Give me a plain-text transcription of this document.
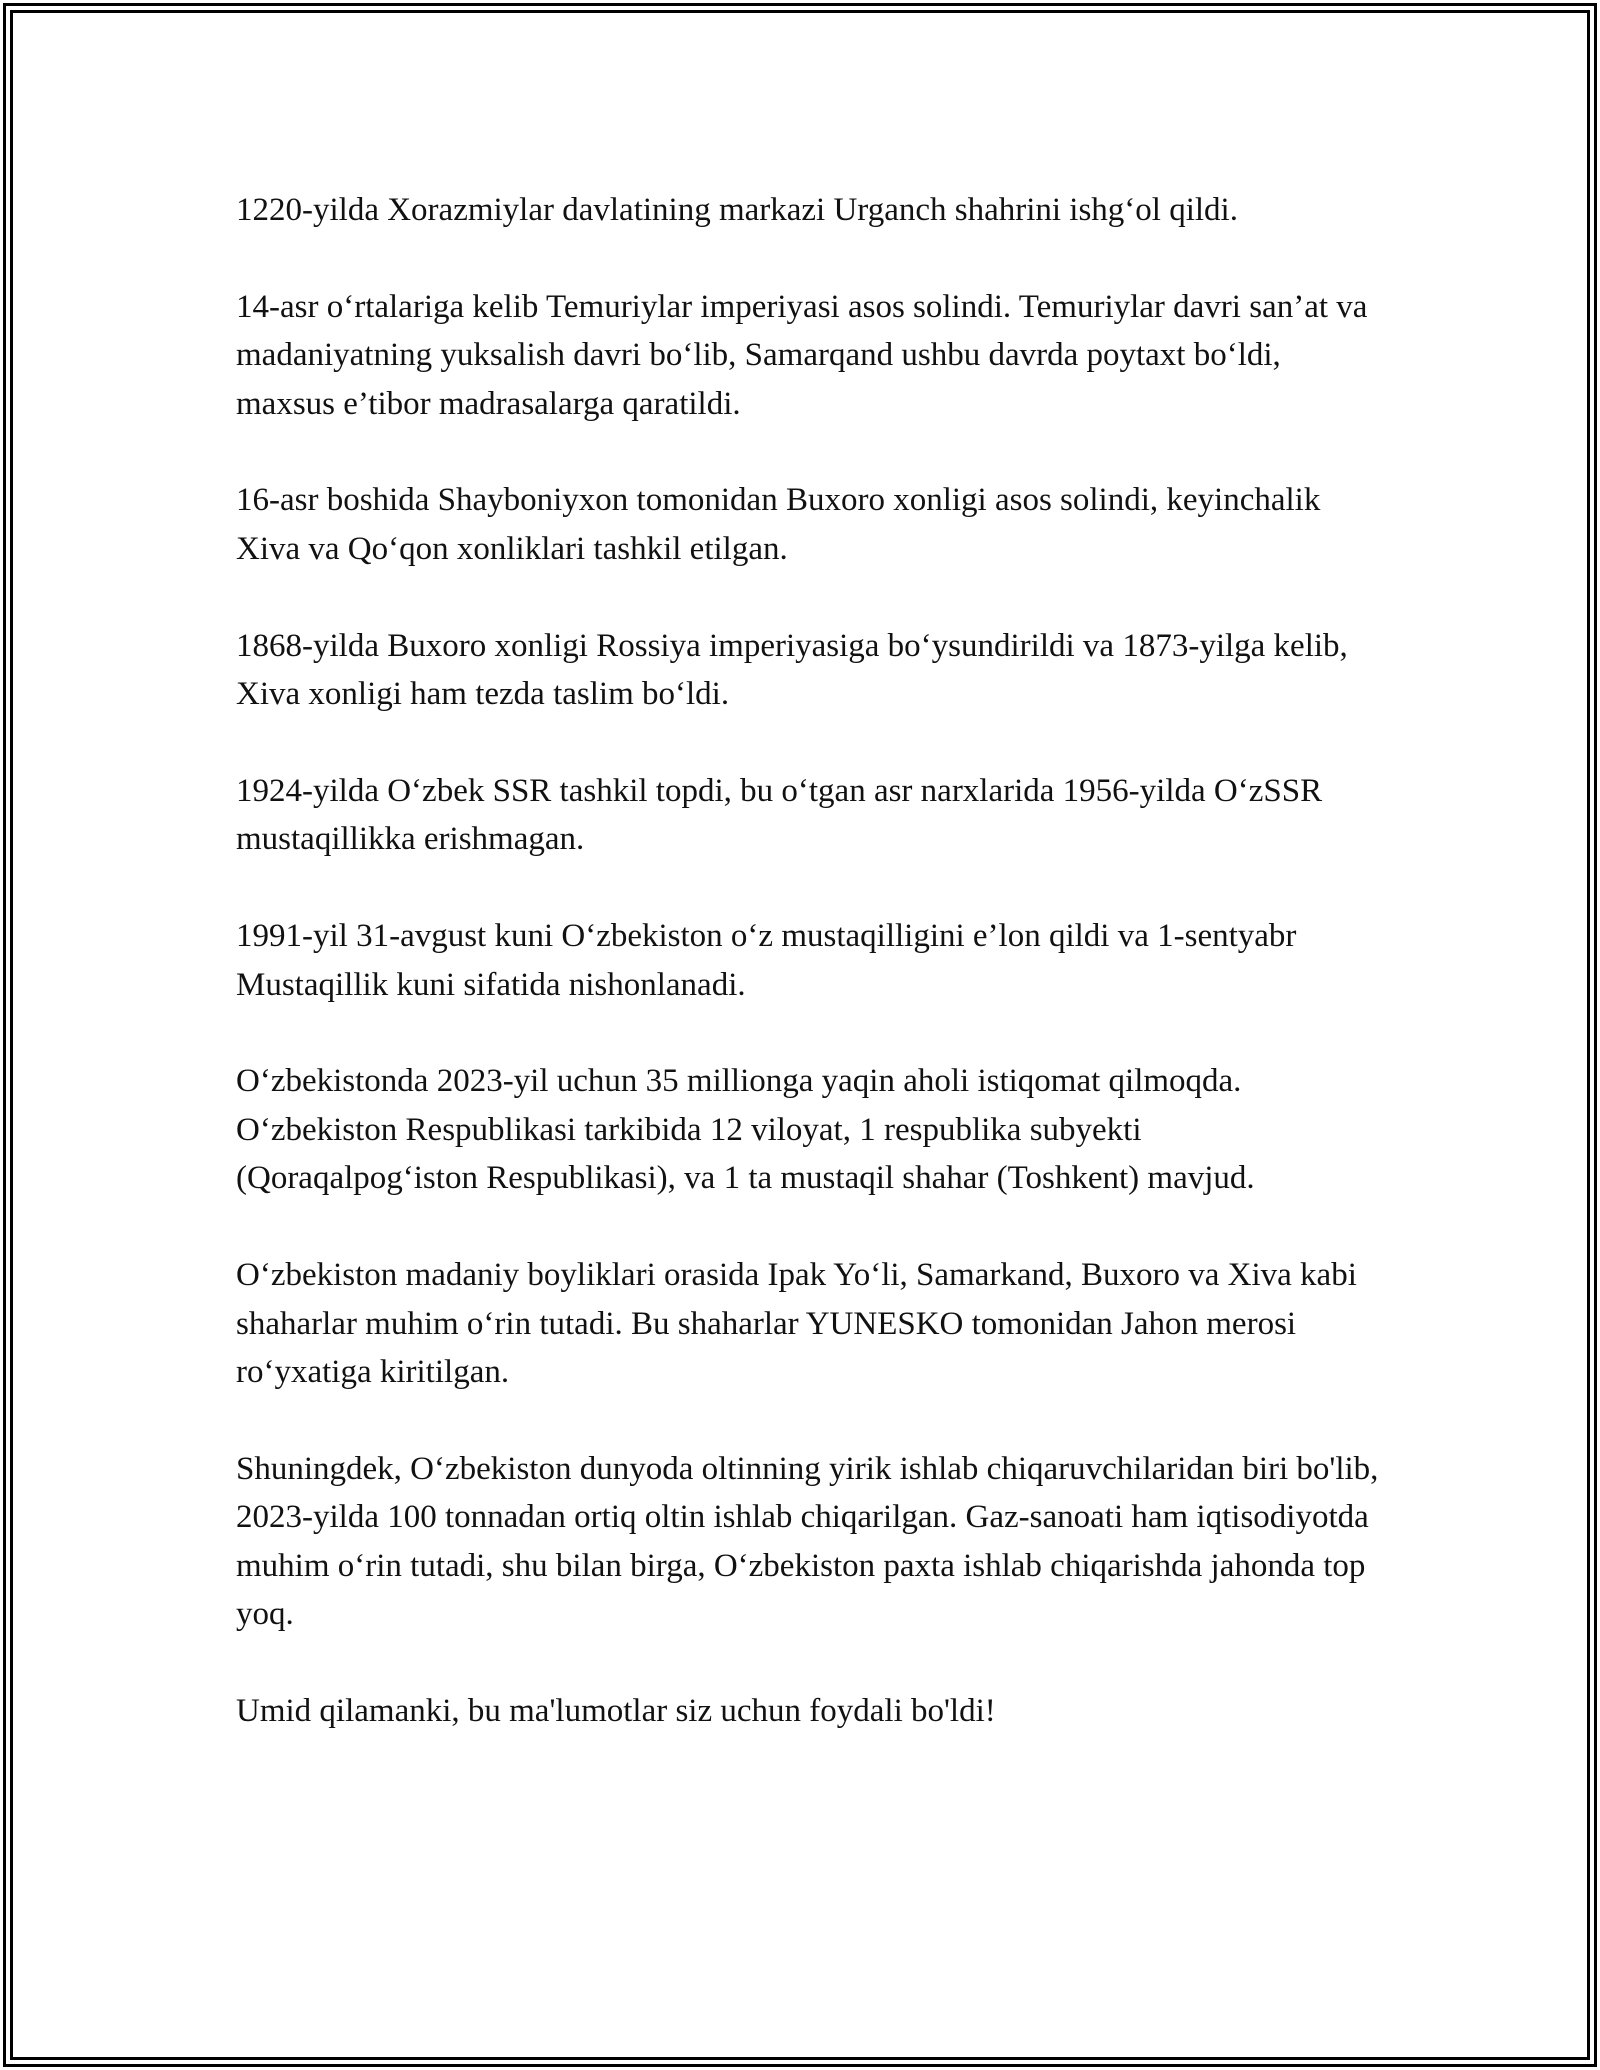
1220-yilda Xorazmiylar davlatining markazi Urganch shahrini ishg‘ol qildi.

14-asr o‘rtalariga kelib Temuriylar imperiyasi asos solindi. Temuriylar davri san’at va madaniyatning yuksalish davri bo‘lib, Samarqand ushbu davrda poytaxt bo‘ldi, maxsus e’tibor madrasalarga qaratildi.

16-asr boshida Shayboniyxon tomonidan Buxoro xonligi asos solindi, keyinchalik Xiva va Qo‘qon xonliklari tashkil etilgan.

1868-yilda Buxoro xonligi Rossiya imperiyasiga bo‘ysundirildi va 1873-yilga kelib, Xiva xonligi ham tezda taslim bo‘ldi.

1924-yilda O‘zbek SSR tashkil topdi, bu o‘tgan asr narxlarida 1956-yilda O‘zSSR mustaqillikka erishmagan.

1991-yil 31-avgust kuni O‘zbekiston o‘z mustaqilligini e’lon qildi va 1-sentyabr Mustaqillik kuni sifatida nishonlanadi.

O‘zbekistonda 2023-yil uchun 35 millionga yaqin aholi istiqomat qilmoqda. O‘zbekiston Respublikasi tarkibida 12 viloyat, 1 respublika subyekti (Qoraqalpog‘iston Respublikasi), va 1 ta mustaqil shahar (Toshkent) mavjud.

O‘zbekiston madaniy boyliklari orasida Ipak Yo‘li, Samarkand, Buxoro va Xiva kabi shaharlar muhim o‘rin tutadi. Bu shaharlar YUNESKO tomonidan Jahon merosi ro‘yxatiga kiritilgan.

Shuningdek, O‘zbekiston dunyoda oltinning yirik ishlab chiqaruvchilaridan biri bo'lib, 2023-yilda 100 tonnadan ortiq oltin ishlab chiqarilgan. Gaz-sanoati ham iqtisodiyotda muhim o‘rin tutadi, shu bilan birga, O‘zbekiston paxta ishlab chiqarishda jahonda top yoq.

Umid qilamanki, bu ma'lumotlar siz uchun foydali bo'ldi!
